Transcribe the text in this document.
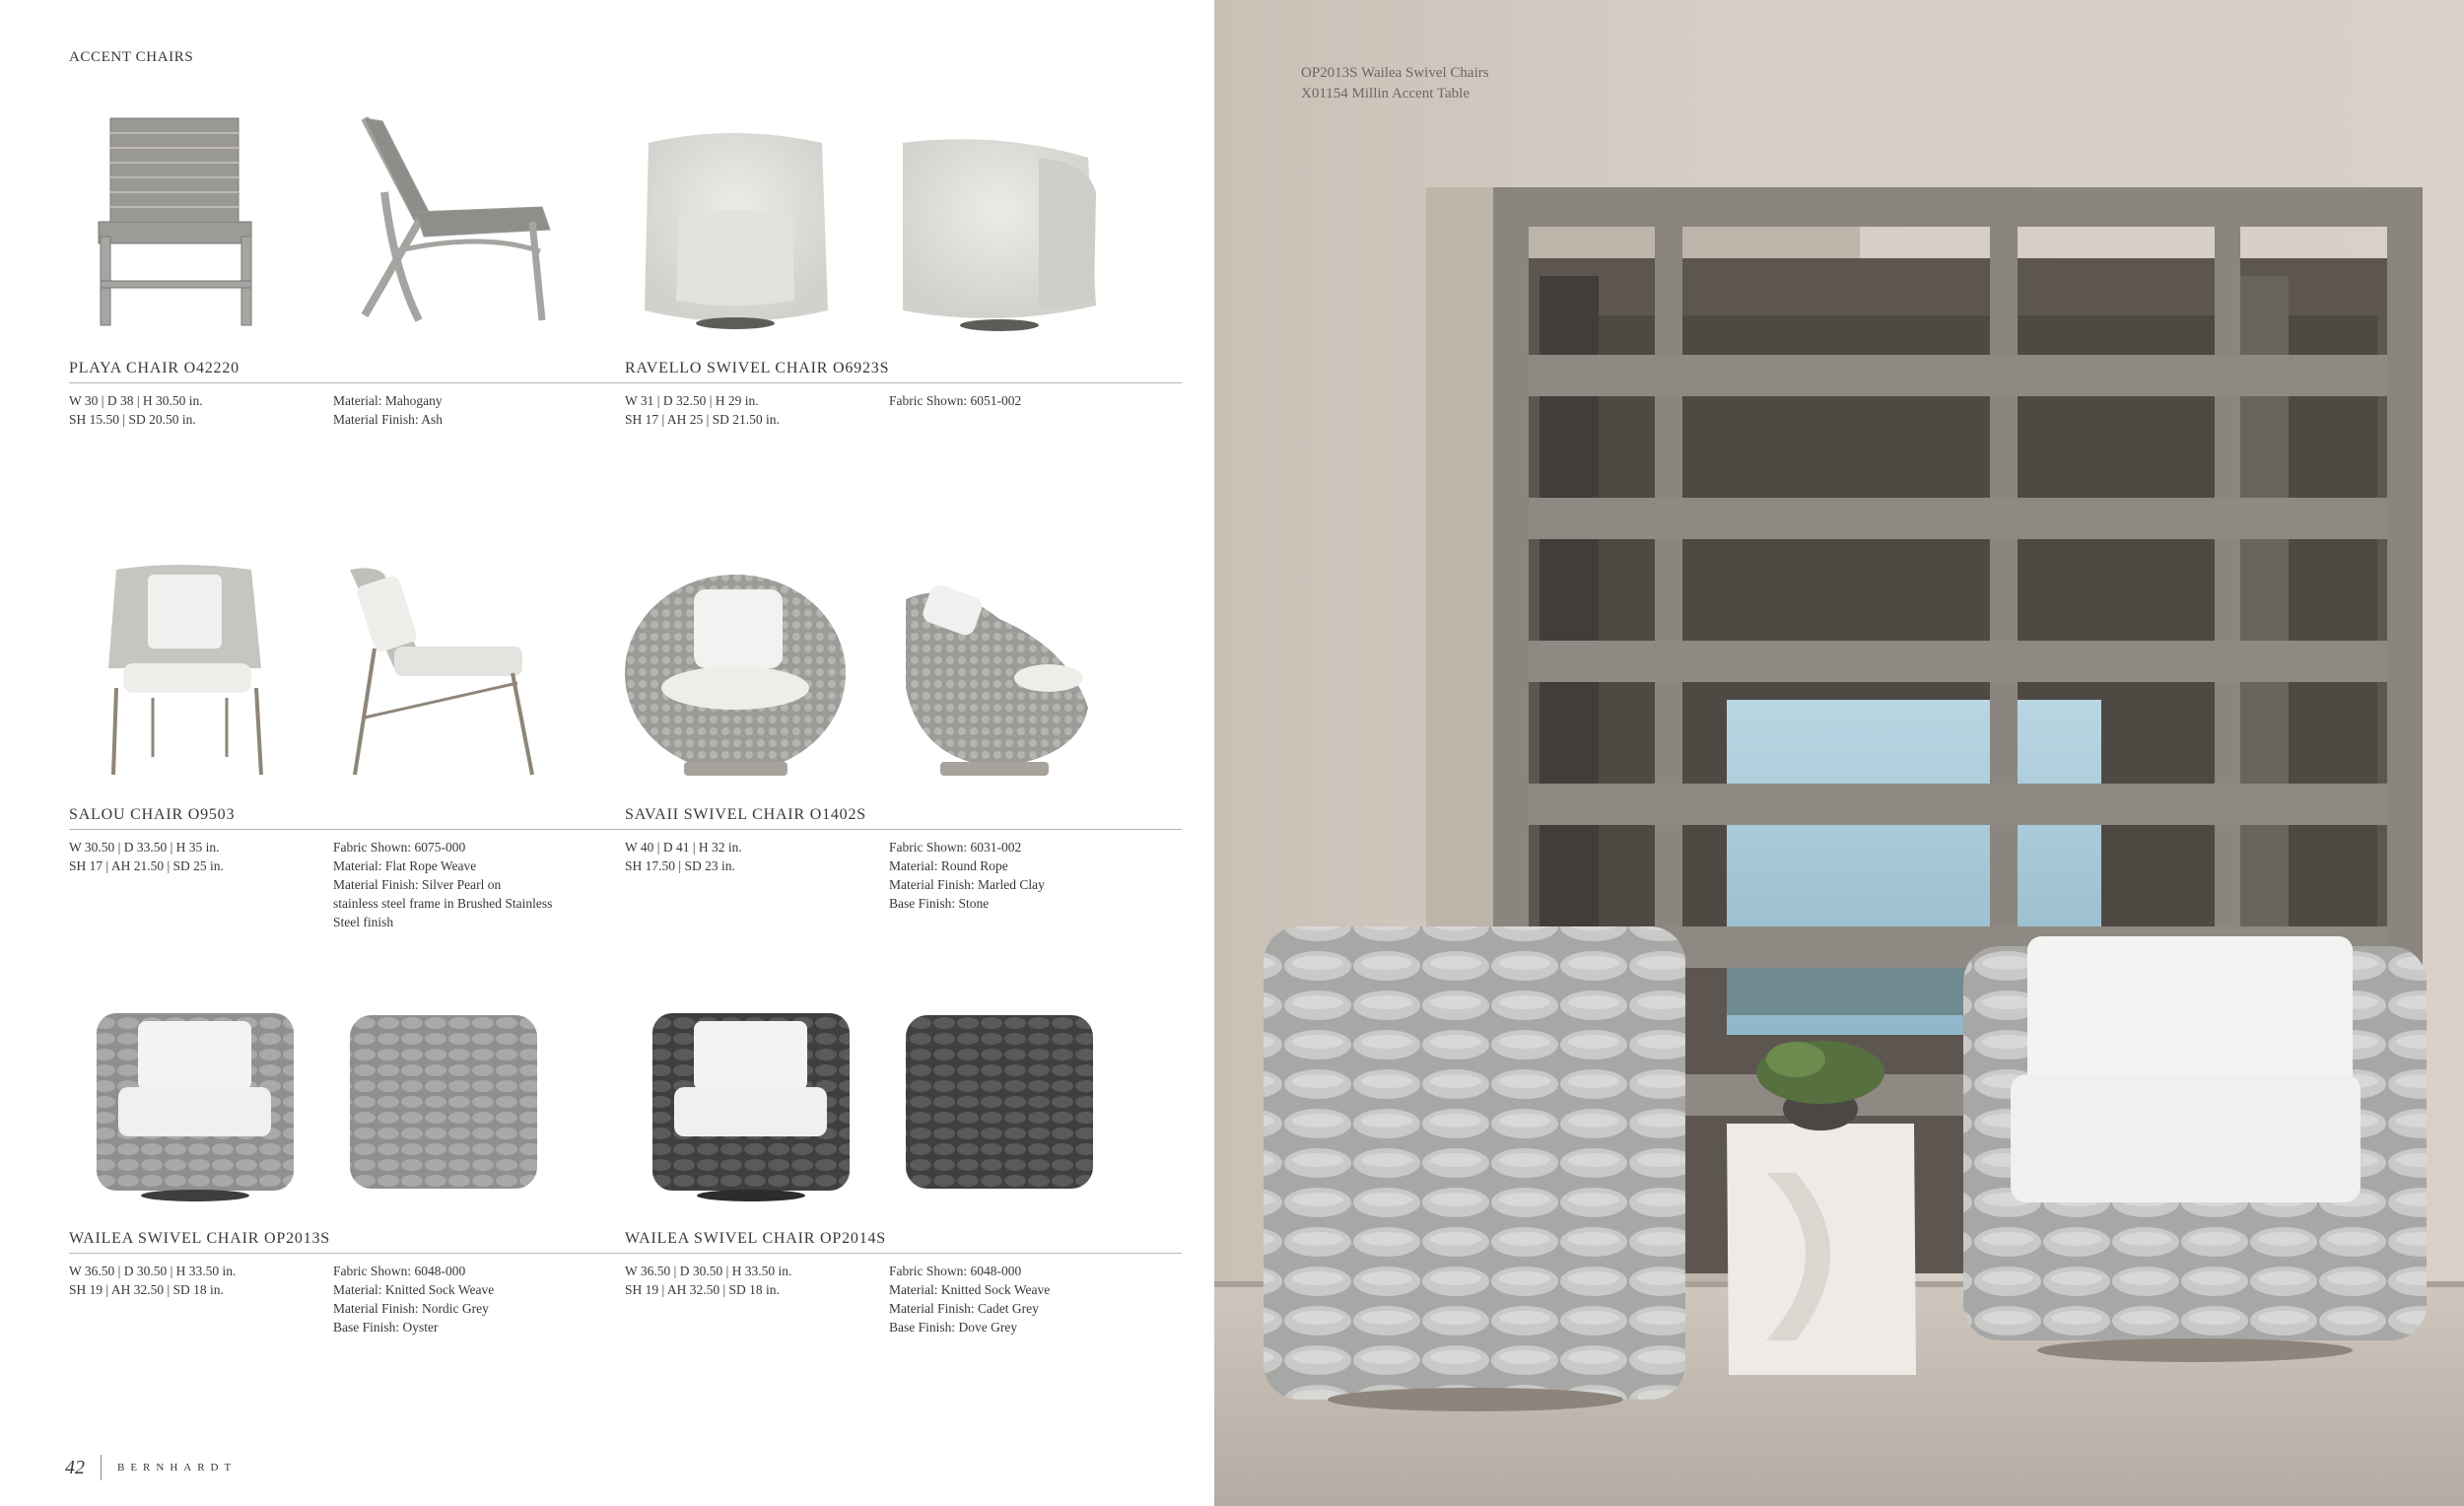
ACCENT CHAIRS
PLAYA CHAIR O42220
W 30 | D 38 | H 30.50 in.
SH 15.50 | SD 20.50 in.
Material: Mahogany
Material Finish: Ash
RAVELLO SWIVEL CHAIR O6923S
W 31 | D 32.50 | H 29 in.
SH 17 | AH 25 | SD 21.50 in.
Fabric Shown: 6051-002
SALOU CHAIR O9503
W 30.50 | D 33.50 | H 35 in.
SH 17 | AH 21.50 | SD 25 in.
Fabric Shown: 6075-000
Material: Flat Rope Weave
Material Finish: Silver Pearl on
stainless steel frame in Brushed Stainless
Steel finish
SAVAII SWIVEL CHAIR O1402S
W 40 | D 41 | H 32 in.
SH 17.50 | SD 23 in.
Fabric Shown: 6031-002
Material: Round Rope
Material Finish: Marled Clay
Base Finish: Stone
WAILEA SWIVEL CHAIR OP2013S
W 36.50 | D 30.50 | H 33.50 in.
SH 19 | AH 32.50 | SD 18 in.
Fabric Shown: 6048-000
Material: Knitted Sock Weave
Material Finish: Nordic Grey
Base Finish: Oyster
WAILEA SWIVEL CHAIR OP2014S
W 36.50 | D 30.50 | H 33.50 in.
SH 19 | AH 32.50 | SD 18 in.
Fabric Shown: 6048-000
Material: Knitted Sock Weave
Material Finish: Cadet Grey
Base Finish: Dove Grey
42	BERNHARDT
OP2013S Wailea Swivel Chairs
X01154 Millin Accent Table
